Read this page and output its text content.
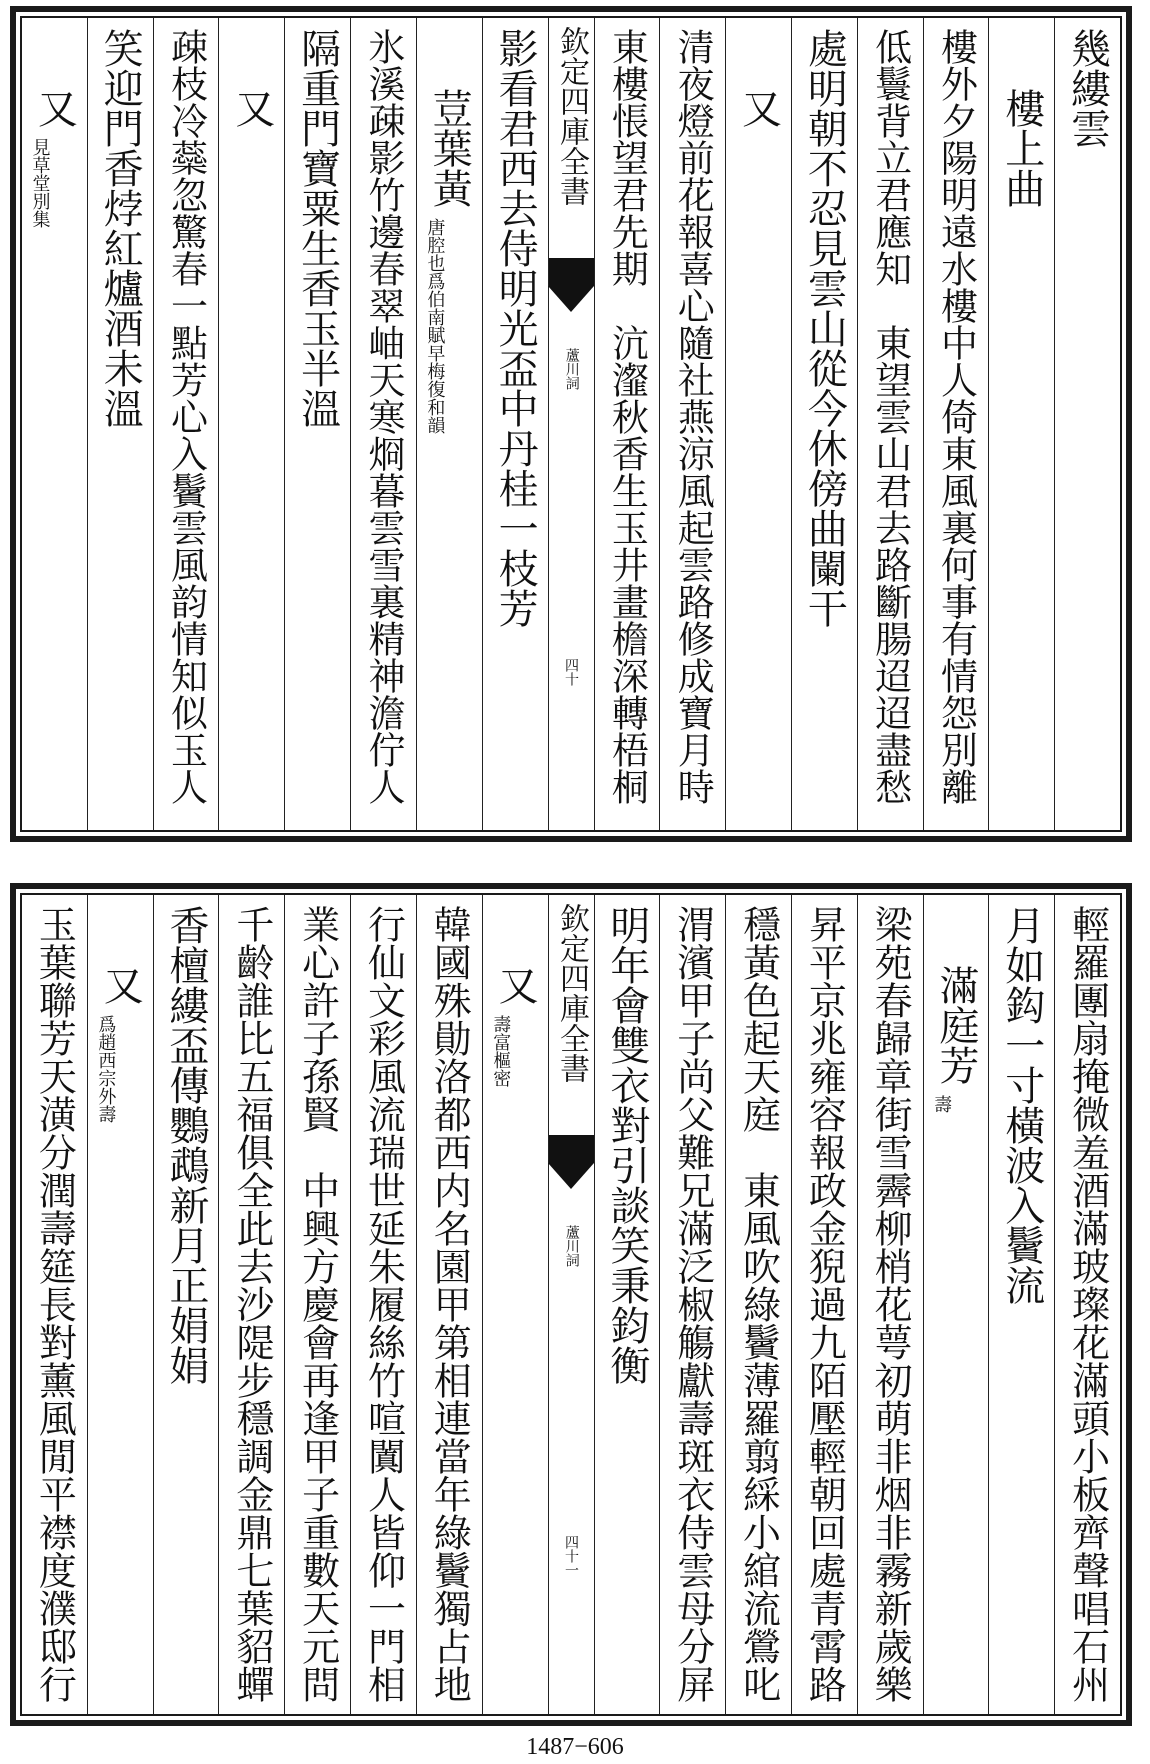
幾縷雲
樓上曲
樓外夕陽明遠水樓中人倚東風裏何事有情怨別離
低鬟背立君應知　東望雲山君去路斷腸迢迢盡愁
處明朝不忍見雲山從今休傍曲闌干
又
清夜燈前花報喜心隨社燕涼風起雲路修成寶月時
東樓悵望君先期　沆瀣秋香生玉井畫檐深轉梧桐
欽定四庫全書
蘆川詞
四十
影看君西去侍明光盃中丹桂一枝芳
荳葉黃
唐腔也爲伯南賦早梅復和韻
氷溪疎影竹邊春翠岫天寒烱暮雲雪裏精神澹佇人
隔重門寶粟生香玉半溫
又
疎枝冷蘂忽驚春一點芳心入鬢雲風韵情知似玉人
笑迎門香㶿紅爐酒未溫
又
見草堂別集
輕羅團扇掩微羞酒滿玻璨花滿頭小板齊聲唱石州
月如鈎一寸橫波入鬢流
滿庭芳
壽
梁苑春歸章街雪霽柳梢花萼初萌非烟非霧新歲樂
昇平京兆雍容報政金猊過九陌壓輕朝回處青霄路
穩黃色起天庭　東風吹綠鬢薄羅翦綵小綰流鶯叱
渭濱甲子尚父難兄滿泛椒觴獻壽斑衣侍雲母分屏
明年會雙衣對引談笑秉鈞衡
欽定四庫全書
蘆川詞
四十一
又
壽富樞密
韓國殊勛洛都西内名園甲第相連當年綠鬢獨占地
行仙文彩風流瑞世延朱履絲竹喧闐人皆仰一門相
業心許子孫賢　中興方慶會再逢甲子重數天元問
千齡誰比五福俱全此去沙隄步穩調金鼎七葉貂蟬
香檀縷盃傳鸚鵡新月正娟娟
又
爲趙西宗外壽
玉葉聯芳天潢分潤壽筵長對薰風閒平襟度濮邸行
1487−606
